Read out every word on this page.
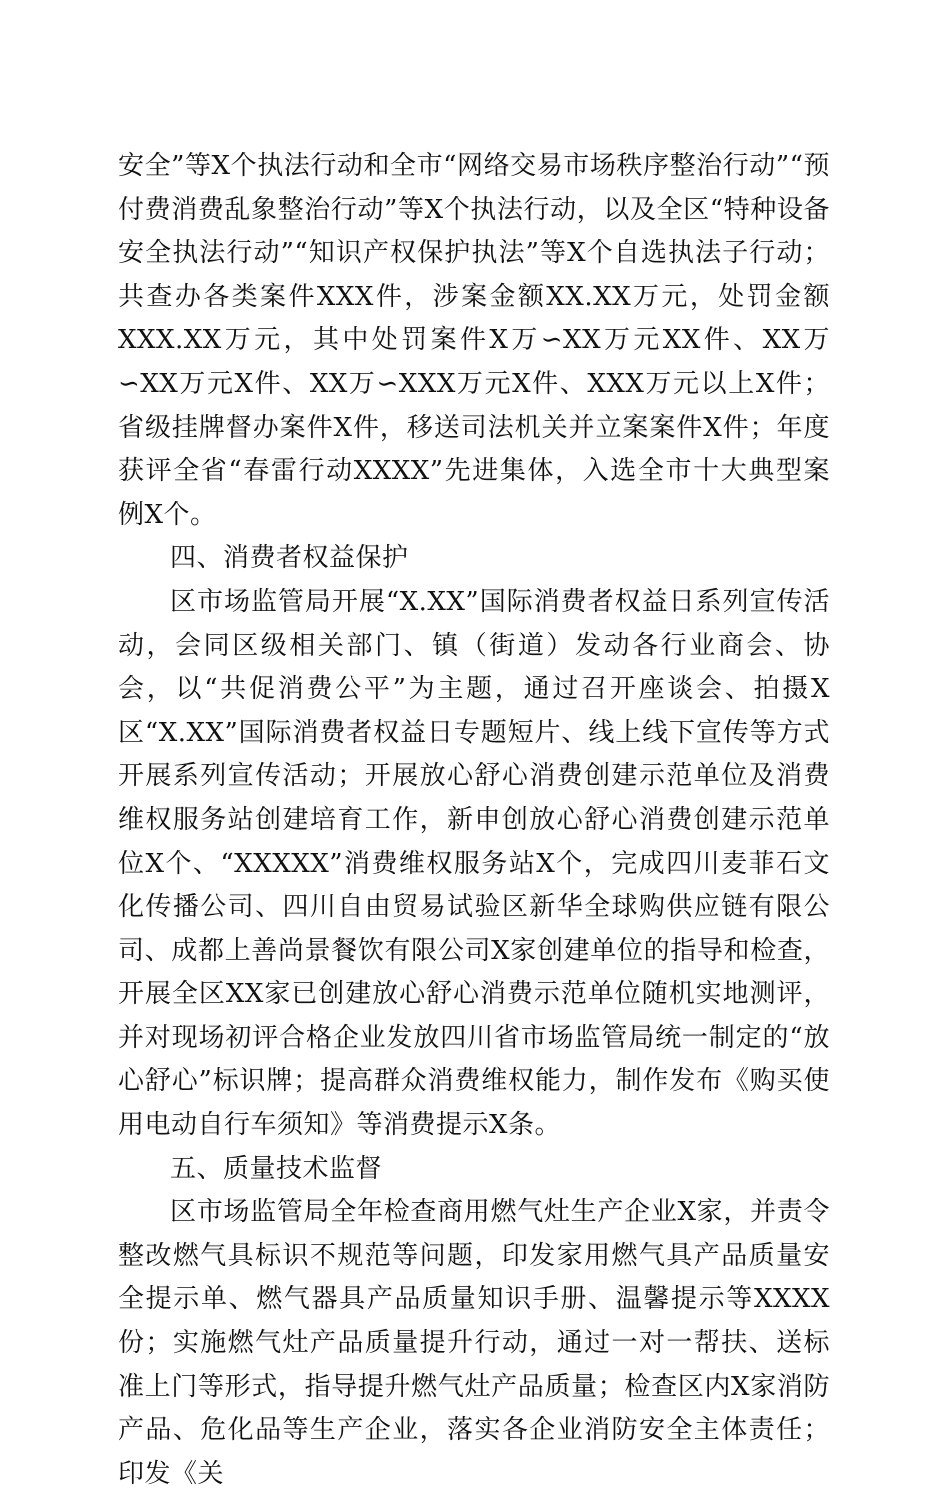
安全”等X个执法行动和全市“网络交易市场秩序整治行动”“预付费消费乱象整治行动”等X个执法行动，以及全区“特种设备安全执法行动”“知识产权保护执法”等X个自选执法子行动；共查办各类案件XXX件，涉案金额XX.XX万元，处罚金额XXX.XX万元，其中处罚案件X万∽XX万元XX件、XX万∽XX万元X件、XX万∽XXX万元X件、XXX万元以上X件；省级挂牌督办案件X件，移送司法机关并立案案件X件；年度获评全省“春雷行动XXXX”先进集体，入选全市十大典型案例X个。

四、消费者权益保护

区市场监管局开展“X.XX”国际消费者权益日系列宣传活动，会同区级相关部门、镇（街道）发动各行业商会、协会，以“共促消费公平”为主题，通过召开座谈会、拍摄X区“X.XX”国际消费者权益日专题短片、线上线下宣传等方式开展系列宣传活动；开展放心舒心消费创建示范单位及消费维权服务站创建培育工作，新申创放心舒心消费创建示范单位X个、“XXXXX”消费维权服务站X个，完成四川麦菲石文化传播公司、四川自由贸易试验区新华全球购供应链有限公司、成都上善尚景餐饮有限公司X家创建单位的指导和检查，开展全区XX家已创建放心舒心消费示范单位随机实地测评，并对现场初评合格企业发放四川省市场监管局统一制定的“放心舒心”标识牌；提高群众消费维权能力，制作发布《购买使用电动自行车须知》等消费提示X条。

五、质量技术监督

区市场监管局全年检查商用燃气灶生产企业X家，并责令整改燃气具标识不规范等问题，印发家用燃气具产品质量安全提示单、燃气器具产品质量知识手册、温馨提示等XXXX份；实施燃气灶产品质量提升行动，通过一对一帮扶、送标准上门等形式，指导提升燃气灶产品质量；检查区内X家消防产品、危化品等生产企业，落实各企业消防安全主体责任；印发《关
